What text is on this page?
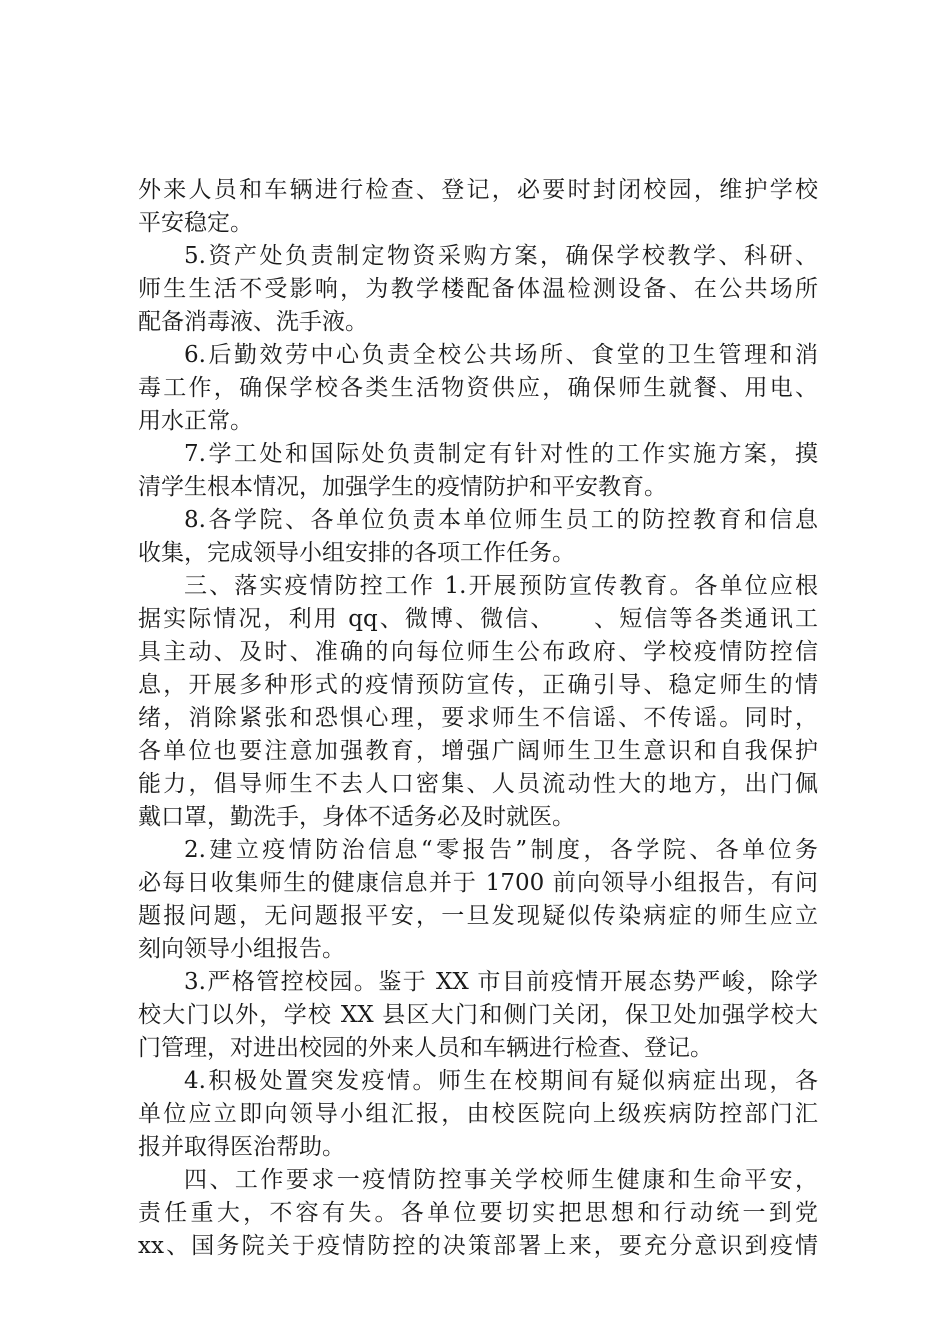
外来人员和车辆进行检查、登记，必要时封闭校园，维护学校
平安稳定。
5.资产处负责制定物资采购方案，确保学校教学、科研、
师生生活不受影响，为教学楼配备体温检测设备、在公共场所
配备消毒液、洗手液。
6.后勤效劳中心负责全校公共场所、食堂的卫生管理和消
毒工作，确保学校各类生活物资供应，确保师生就餐、用电、
用水正常。
7.学工处和国际处负责制定有针对性的工作实施方案，摸
清学生根本情况，加强学生的疫情防护和平安教育。
8.各学院、各单位负责本单位师生员工的防控教育和信息
收集，完成领导小组安排的各项工作任务。
三、落实疫情防控工作 1.开展预防宣传教育。各单位应根
据实际情况，利用 qq、微博、微信、　　、短信等各类通讯工
具主动、及时、准确的向每位师生公布政府、学校疫情防控信
息，开展多种形式的疫情预防宣传，正确引导、稳定师生的情
绪，消除紧张和恐惧心理，要求师生不信谣、不传谣。同时，
各单位也要注意加强教育，增强广阔师生卫生意识和自我保护
能力，倡导师生不去人口密集、人员流动性大的地方，出门佩
戴口罩，勤洗手，身体不适务必及时就医。
2.建立疫情防治信息“零报告”制度，各学院、各单位务
必每日收集师生的健康信息并于 1700 前向领导小组报告，有问
题报问题，无问题报平安，一旦发现疑似传染病症的师生应立
刻向领导小组报告。
3.严格管控校园。鉴于 XX 市目前疫情开展态势严峻，除学
校大门以外，学校 XX 县区大门和侧门关闭，保卫处加强学校大
门管理，对进出校园的外来人员和车辆进行检查、登记。
4.积极处置突发疫情。师生在校期间有疑似病症出现，各
单位应立即向领导小组汇报，由校医院向上级疾病防控部门汇
报并取得医治帮助。
四、工作要求一疫情防控事关学校师生健康和生命平安，
责任重大，不容有失。各单位要切实把思想和行动统一到党
xx、国务院关于疫情防控的决策部署上来，要充分意识到疫情
